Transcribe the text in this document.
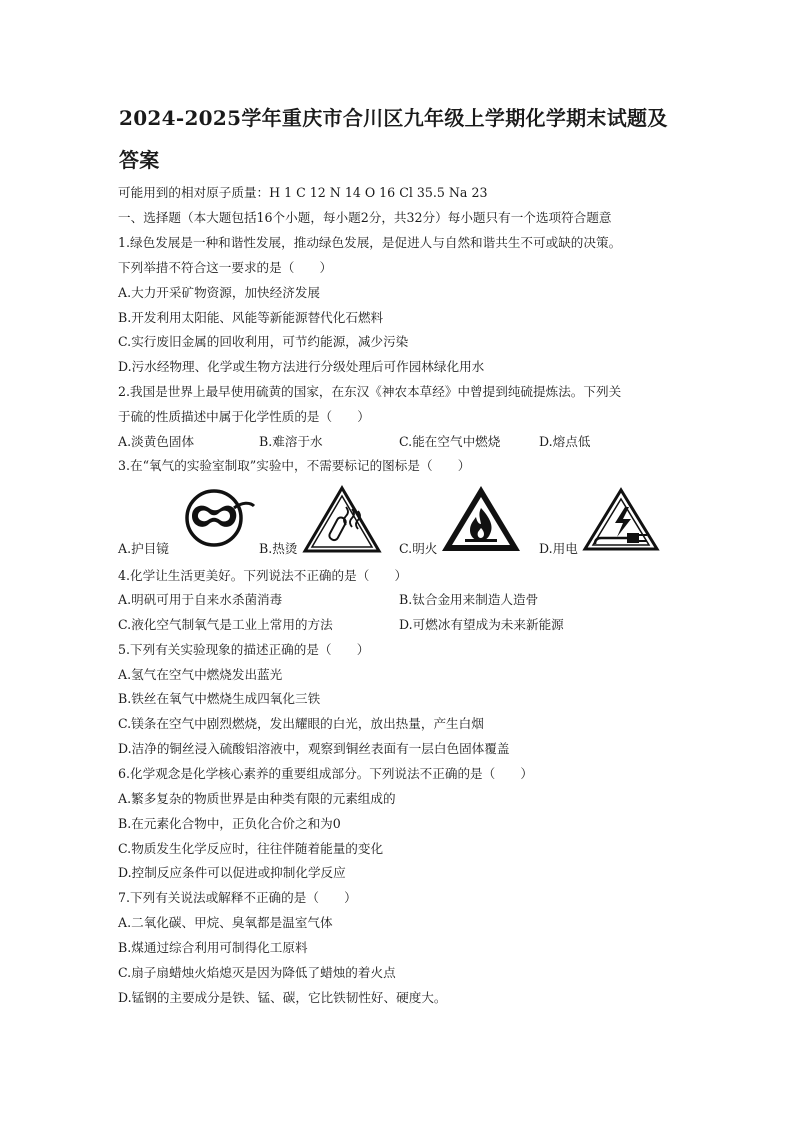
2024-2025学年重庆市合川区九年级上学期化学期末试题及
答案
可能用到的相对原子质量：H 1 C 12 N 14 O 16 Cl 35.5 Na 23
一、选择题（本大题包括16个小题，每小题2分，共32分）每小题只有一个选项符合题意
1.绿色发展是一种和谐性发展，推动绿色发展，是促进人与自然和谐共生不可或缺的决策。
下列举措不符合这一要求的是（　　）
A.大力开采矿物资源，加快经济发展
B.开发利用太阳能、风能等新能源替代化石燃料
C.实行废旧金属的回收利用，可节约能源，减少污染
D.污水经物理、化学或生物方法进行分级处理后可作园林绿化用水
2.我国是世界上最早使用硫黄的国家，在东汉《神农本草经》中曾提到纯硫提炼法。下列关
于硫的性质描述中属于化学性质的是（　　）
A.淡黄色固体	B.难溶于水	C.能在空气中燃烧	D.熔点低
3.在“氧气的实验室制取”实验中，不需要标记的图标是（　　）
A.护目镜	B.热烫	C.明火	D.用电
4.化学让生活更美好。下列说法不正确的是（　　）
A.明矾可用于自来水杀菌消毒	B.钛合金用来制造人造骨
C.液化空气制氧气是工业上常用的方法	D.可燃冰有望成为未来新能源
5.下列有关实验现象的描述正确的是（　　）
A.氢气在空气中燃烧发出蓝光
B.铁丝在氧气中燃烧生成四氧化三铁
C.镁条在空气中剧烈燃烧，发出耀眼的白光，放出热量，产生白烟
D.洁净的铜丝浸入硫酸铝溶液中，观察到铜丝表面有一层白色固体覆盖
6.化学观念是化学核心素养的重要组成部分。下列说法不正确的是（　　）
A.繁多复杂的物质世界是由种类有限的元素组成的
B.在元素化合物中，正负化合价之和为0
C.物质发生化学反应时，往往伴随着能量的变化
D.控制反应条件可以促进或抑制化学反应
7.下列有关说法或解释不正确的是（　　）
A.二氧化碳、甲烷、臭氧都是温室气体
B.煤通过综合利用可制得化工原料
C.扇子扇蜡烛火焰熄灭是因为降低了蜡烛的着火点
D.锰钢的主要成分是铁、锰、碳，它比铁韧性好、硬度大。
